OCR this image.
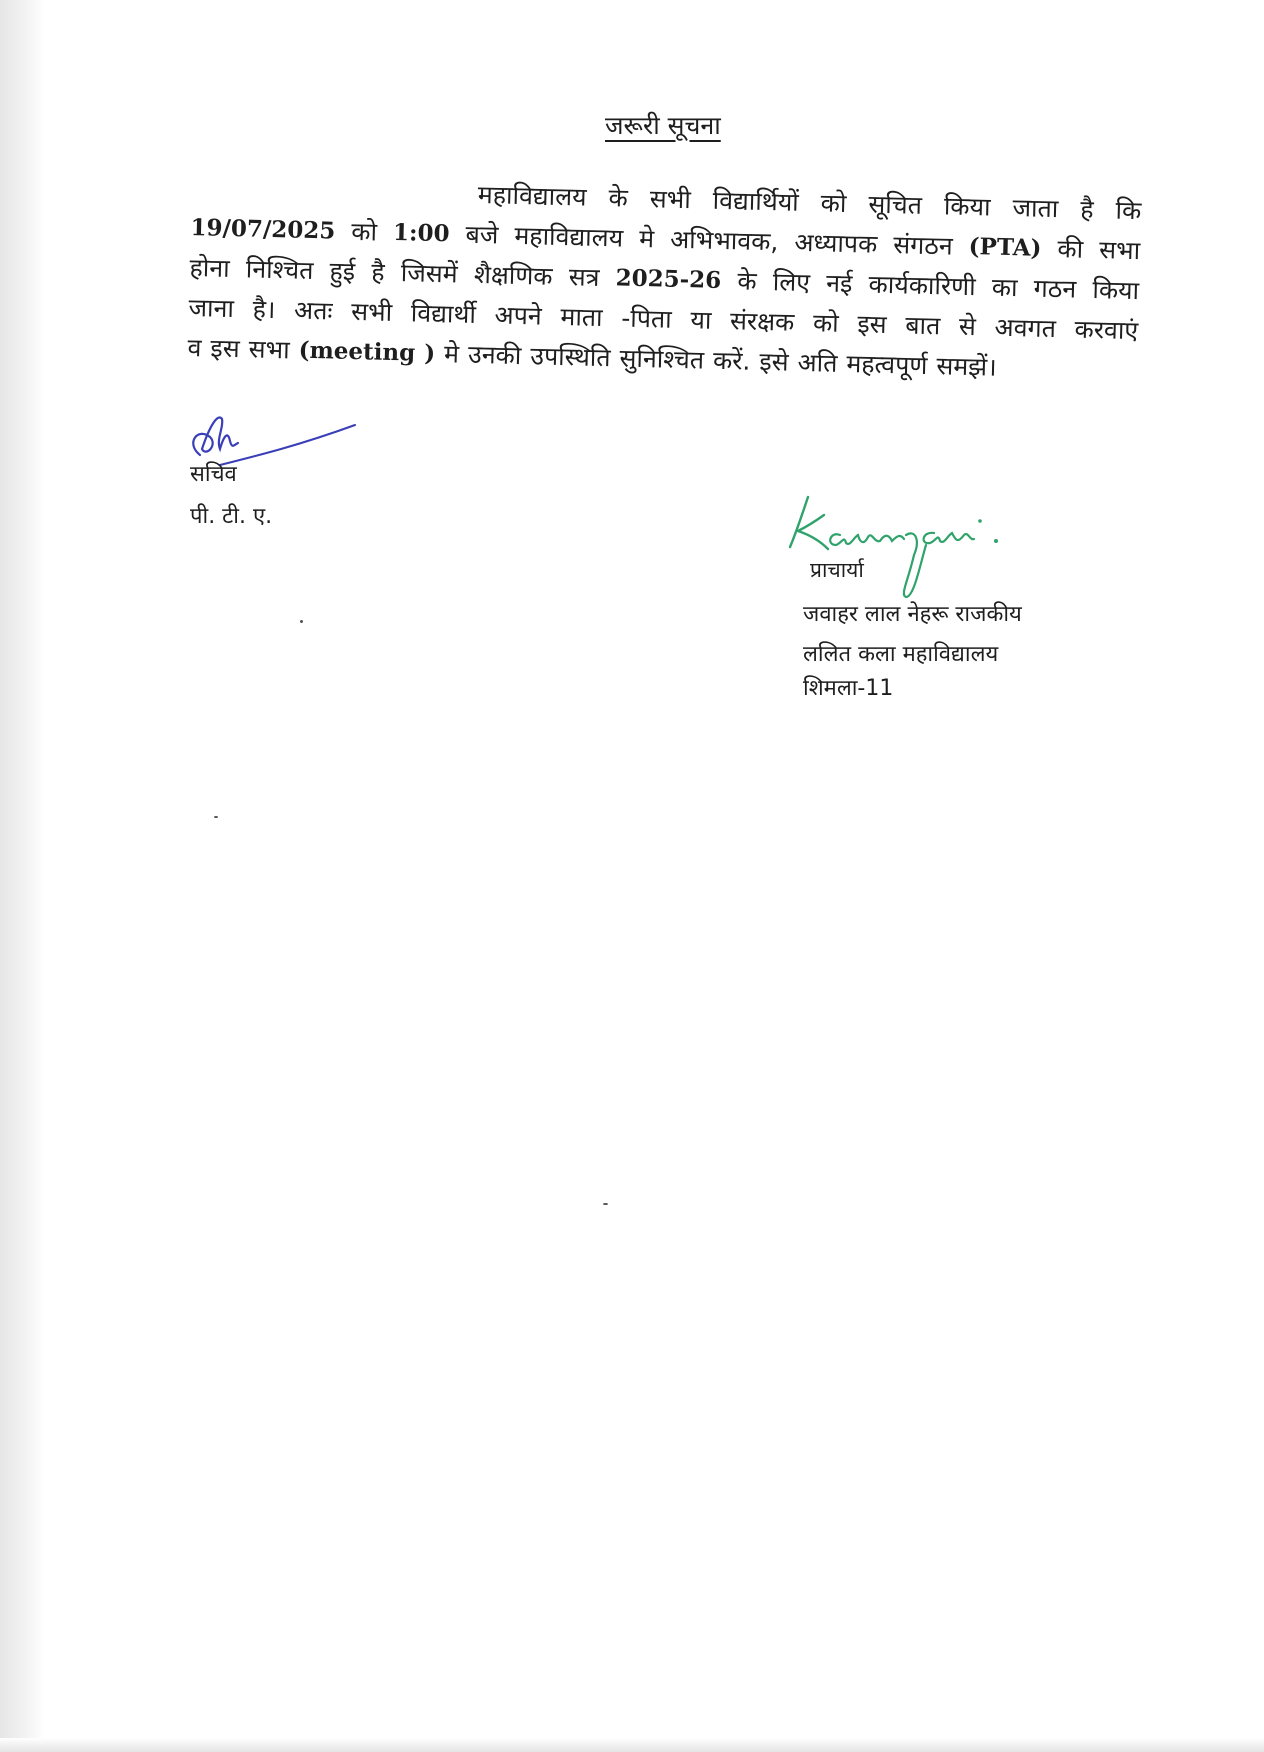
जरूरी सूचना
महाविद्यालय के सभी विद्यार्थियों को सूचित किया जाता है कि
19/07/2025 को 1:00 बजे महाविद्यालय मे अभिभावक, अध्यापक संगठन (PTA) की सभा
होना निश्चित हुई है जिसमें शैक्षणिक सत्र 2025-26 के लिए नई कार्यकारिणी का गठन किया
जाना है। अतः सभी विद्यार्थी अपने माता -पिता या संरक्षक को इस बात से अवगत करवाएं
व इस सभा (meeting ) मे उनकी उपस्थिति सुनिश्चित करें. इसे अति महत्वपूर्ण समझें।
सचिव
पी. टी. ए.
प्राचार्या
जवाहर लाल नेहरू राजकीय
ललित कला महाविद्यालय
शिमला-11
